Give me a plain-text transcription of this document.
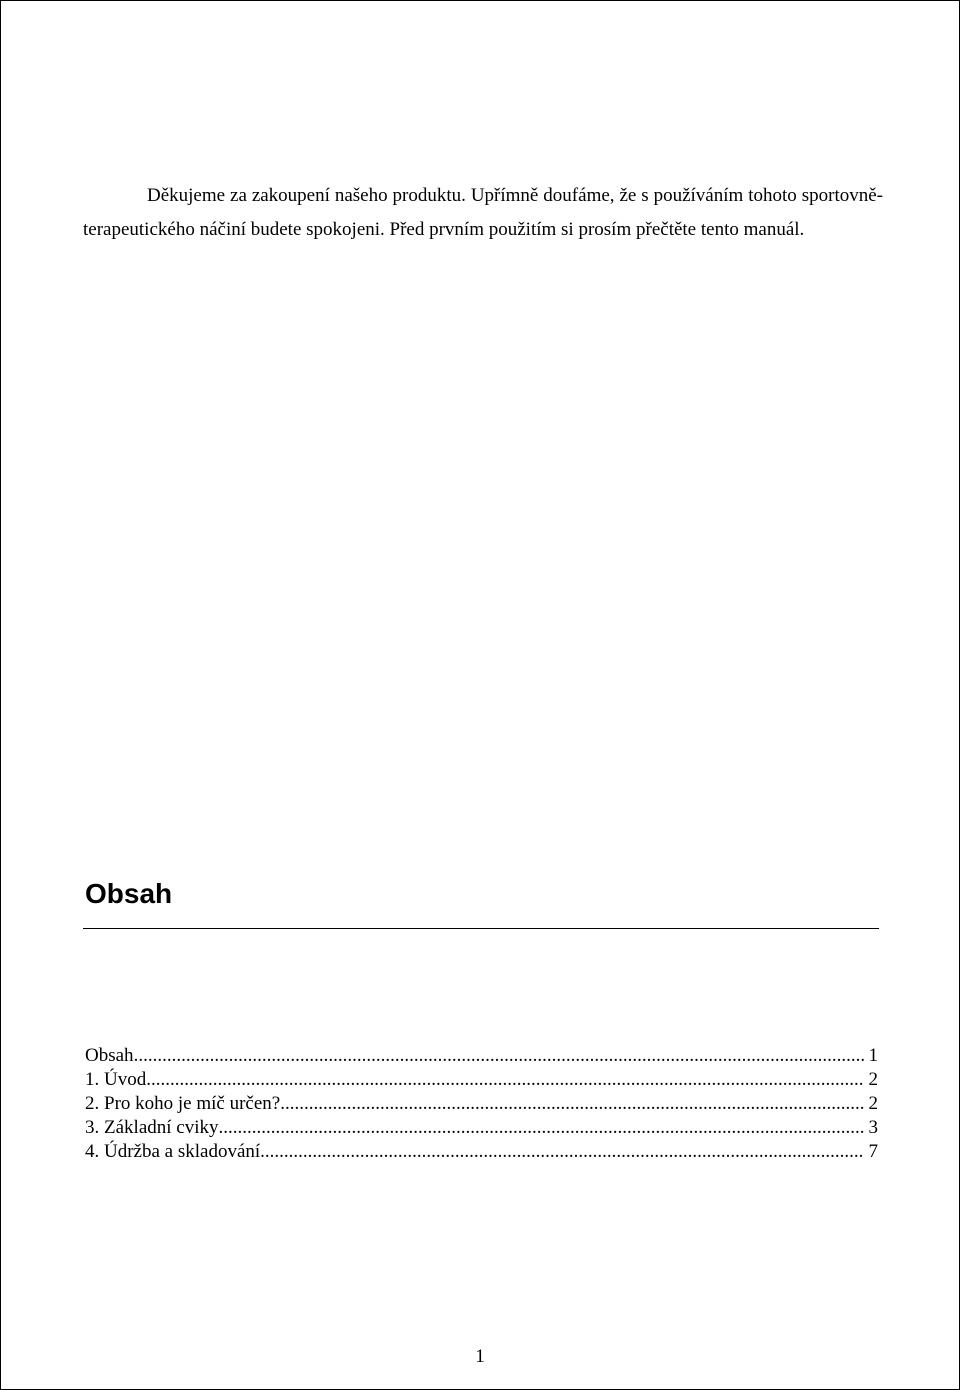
Děkujeme za zakoupení našeho produktu. Upřímně doufáme, že s používáním tohoto sportovně-terapeutického náčiní budete spokojeni. Před prvním použitím si prosím přečtěte tento manuál.

Obsah
Obsah .....	1
1. Úvod .....	2
2. Pro koho je míč určen? .....	2
3. Základní cviky .....	3
4. Údržba a skladování .....	7
1
